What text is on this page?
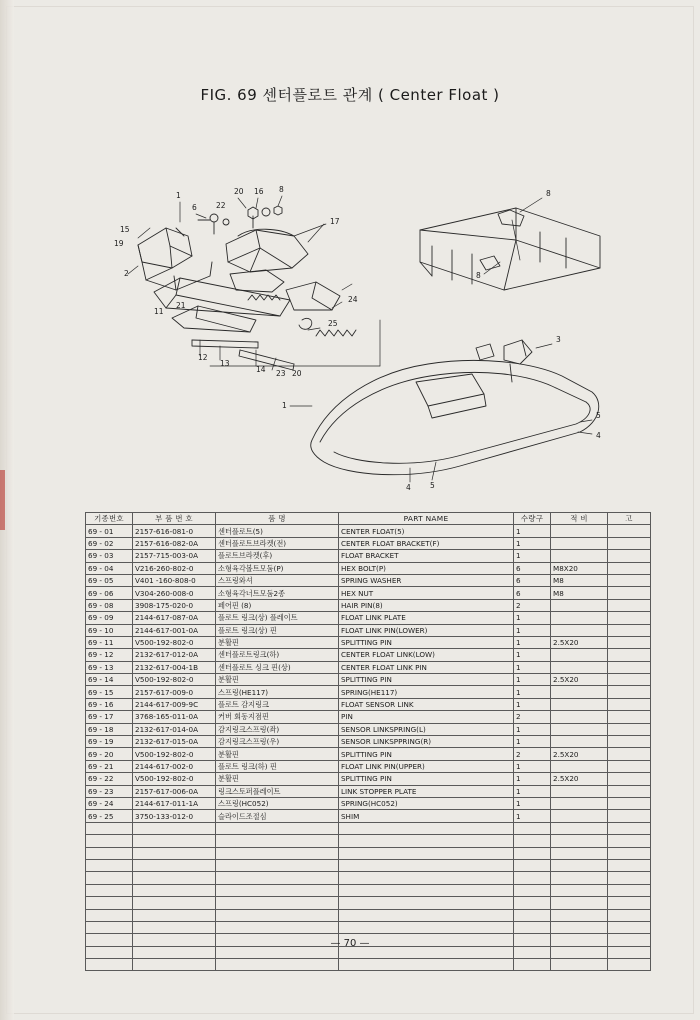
FIG. 69 센터플로트 관계 ( Center Float )
1	16
20
6	22
8
15
19
2
11
21
12
13
14 23 20
25
24
17
8
8
3
5
4
4	5
1
기종번호	부 품 번 호	품 명	PART NAME	수량구	적 비	고
69 - 01	2157-616-081-0	센터플로트(5)	CENTER FLOAT(5)	1		
69 - 02	2157-616-082-0A	센터플로트브라켓(전)	CENTER FLOAT BRACKET(F)	1		
69 - 03	2157-715-003-0A	플로트브라켓(후)	FLOAT BRACKET	1		
69 - 04	V216-260-802-0	소형육각볼트모둠(P)	HEX BOLT(P)	6	M8X20	
69 - 05	V401 -160-808-0	스프링와셔	SPRING WASHER	6	M8	
69 - 06	V304-260-008-0	소형육각너트모둠2종	HEX NUT	6	M8	
69 - 08	3908-175-020-0	페어핀 (8)	HAIR PIN(8)	2		
69 - 09	2144-617-087-0A	플로트 링크(상) 플레이트	FLOAT LINK PLATE	1		
69 - 10	2144-617-001-0A	플로트 링크(상) 핀	FLOAT LINK PIN(LOWER)	1		
69 - 11	V500-192-802-0	분활핀	SPLITTING PIN	1	2.5X20	
69 - 12	2132-617-012-0A	센터플로트링크(하)	CENTER FLOAT LINK(LOW)	1		
69 - 13	2132-617-004-1B	센터플로트 싱크 핀(상)	CENTER FLOAT LINK PIN	1		
69 - 14	V500-192-802-0	분활핀	SPLITTING PIN	1	2.5X20	
69 - 15	2157-617-009-0	스프링(HE117)	SPRING(HE117)	1		
69 - 16	2144-617-009-9C	플로트 감지링크	FLOAT SENSOR LINK	1		
69 - 17	3768-165-011-0A	커버 회동지점핀	PIN	2		
69 - 18	2132-617-014-0A	감지링크스프링(좌)	SENSOR LINKSPRING(L)	1		
69 - 19	2132-617-015-0A	감지링크스프링(우)	SENSOR LINKSPPRING(R)	1		
69 - 20	V500-192-802-0	분활핀	SPLITTING PIN	2	2.5X20	
69 - 21	2144-617-002-0	플로트 링크(하) 핀	FLOAT LINK PIN(UPPER)	1		
69 - 22	V500-192-802-0	분활핀	SPLITTING PIN	1	2.5X20	
69 - 23	2157-617-006-0A	링크스토퍼플레이트	LINK STOPPER PLATE	1		
69 - 24	2144-617-011-1A	스프링(HC052)	SPRING(HC052)	1		
69 - 25	3750-133-012-0	슬라이드조절심	SHIM	1		

— 70 —
